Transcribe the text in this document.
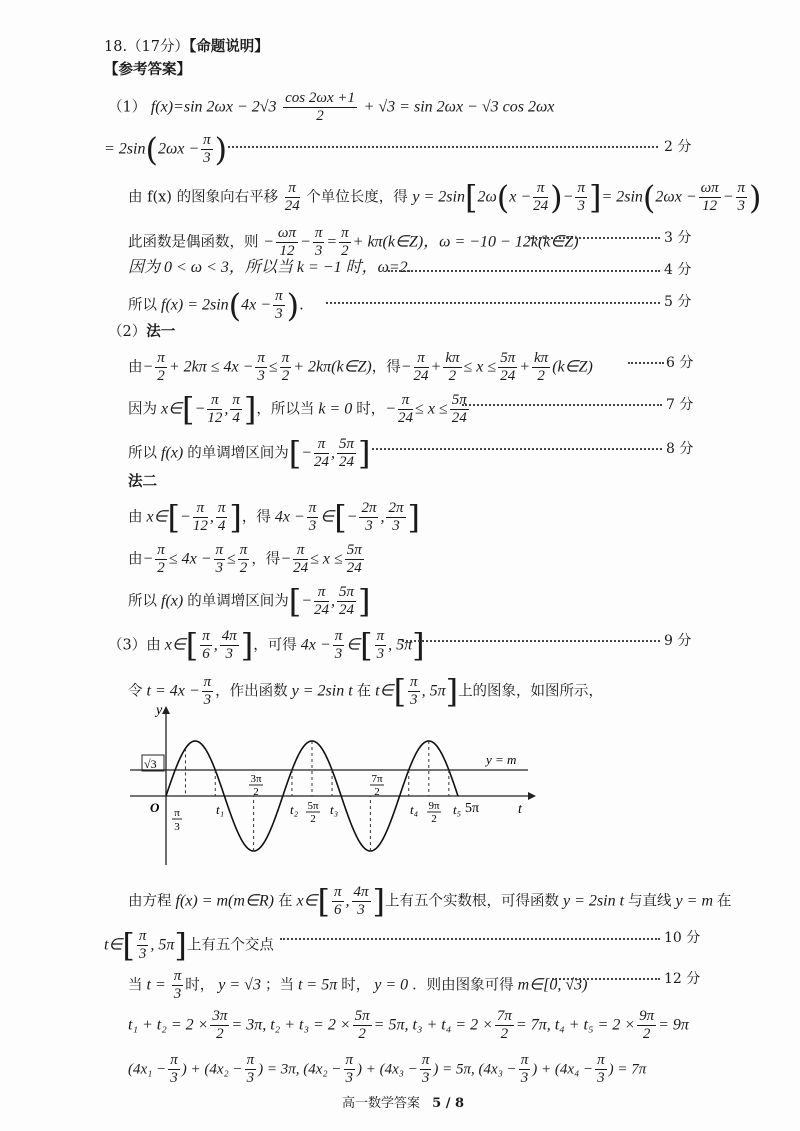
18.（17分）【命题说明】
【参考答案】
（1） f(x)=sin $2\omega x - 2√3 \frac{\cos 2\omega x +1}{2} + √3 = \sin 2\omega x - √3$ cos 2ωx
= $2\sin(2\omega x - \frac{\pi}{3}$ )	2 分
由 f(x) 的图象向右平移 $\frac{\pi}{24}$ 个单位长度，得 $y = 2\sin[2\omega(x - \frac{\pi}{24}$ )− $\frac{\pi}{3}$ ]= $2\sin(2\omega x - \frac{\omega\pi}{12} - \frac{\pi}{3}$ )
此函数是偶函数，则 − $\frac{\omega\pi}{12} - \frac{\pi}{3} = \frac{\pi}{2}$ + kπ(k∈Z)，ω = −10 − 12k(k∈Z)	3 分
因为 0 < ω < 3，所以当 k = −1 时，ω=2.	4 分
所以 $f(x) = 2\sin(4x - \frac{\pi}{3}$ ).	5 分
（2）法一
由− $\frac{\pi}{2} + 2k\pi \le 4x - \frac{\pi}{3} \le \frac{\pi}{2}$ + 2kπ(k∈Z)，得− $\frac{\pi}{24} + \frac{k\pi}{2} \le x \le \frac{5\pi}{24} + \frac{k\pi}{2}$ (k∈Z)	6 分
因为 x∈[− $\frac{\pi}{12}$ , $\frac{\pi}{4}$ ]，所以当 k = 0 时，− $\frac{\pi}{24} \le x \le \frac{5\pi}{24}$	7 分
所以 f(x) 的单调增区间为[− $\frac{\pi}{24}$ , $\frac{5\pi}{24}$ ]	8 分
法二
由 x∈[− $\frac{\pi}{12}$ , $\frac{\pi}{4}$ ]，得 $4x - \frac{\pi}{3}$ ∈[− $\frac{2\pi}{3}$ , $\frac{2\pi}{3}$ ]
由− $\frac{\pi}{2} \le 4x - \frac{\pi}{3} \le \frac{\pi}{2}$ ，得− $\frac{\pi}{24} \le x \le \frac{5\pi}{24}$
所以 f(x) 的单调增区间为[− $\frac{\pi}{24}$ , $\frac{5\pi}{24}$ ]
（3）由 x∈[ $\frac{\pi}{6}$ , $\frac{4\pi}{3}$ ]，可得 $4x - \frac{\pi}{3}$ ∈[ $\frac{\pi}{3}$ , 5π]	9 分
令 $t = 4x - \frac{\pi}{3}$ ，作出函数 y = 2sin t 在 t∈[ $\frac{\pi}{3}$ , 5π]上的图象，如图所示，
y
t
O
y = m
√3
π
3
t₁
3π
2
t₂ 5π
2
t₃
7π
2
t₄ 9π
2
t₅ 5π
由方程 f(x) = m(m∈R) 在 x∈[ $\frac{\pi}{6}$ , $\frac{4\pi}{3}$ ]上有五个实数根，可得函数 y = 2sin t 与直线 y = m 在
t∈[ $\frac{\pi}{3}$ , 5π]上有五个交点	10 分
当 $t = \frac{\pi}{3}$ 时， y = √3 ；当 t = 5π 时， y = 0 ．则由图象可得 m∈[0, √3)	12 分
$t_1 + t_2 = 2 \times \frac{3\pi}{2} = 3\pi$, $t_2 + t_3 = 2 \times \frac{5\pi}{2} = 5\pi$, $t_3 + t_4 = 2 \times \frac{7\pi}{2} = 7\pi$, $t_4 + t_5 = 2 \times \frac{9\pi}{2} = 9\pi$
($4x_1 - \frac{\pi}{3}$ ) + ($4x_2 - \frac{\pi}{3}$ ) = 3π, ($4x_2 - \frac{\pi}{3}$ ) + ($4x_3 - \frac{\pi}{3}$ ) = 5π, ($4x_3 - \frac{\pi}{3}$ ) + ($4x_4 - \frac{\pi}{3}$ ) = 7π
高一数学答案 5 / 8
